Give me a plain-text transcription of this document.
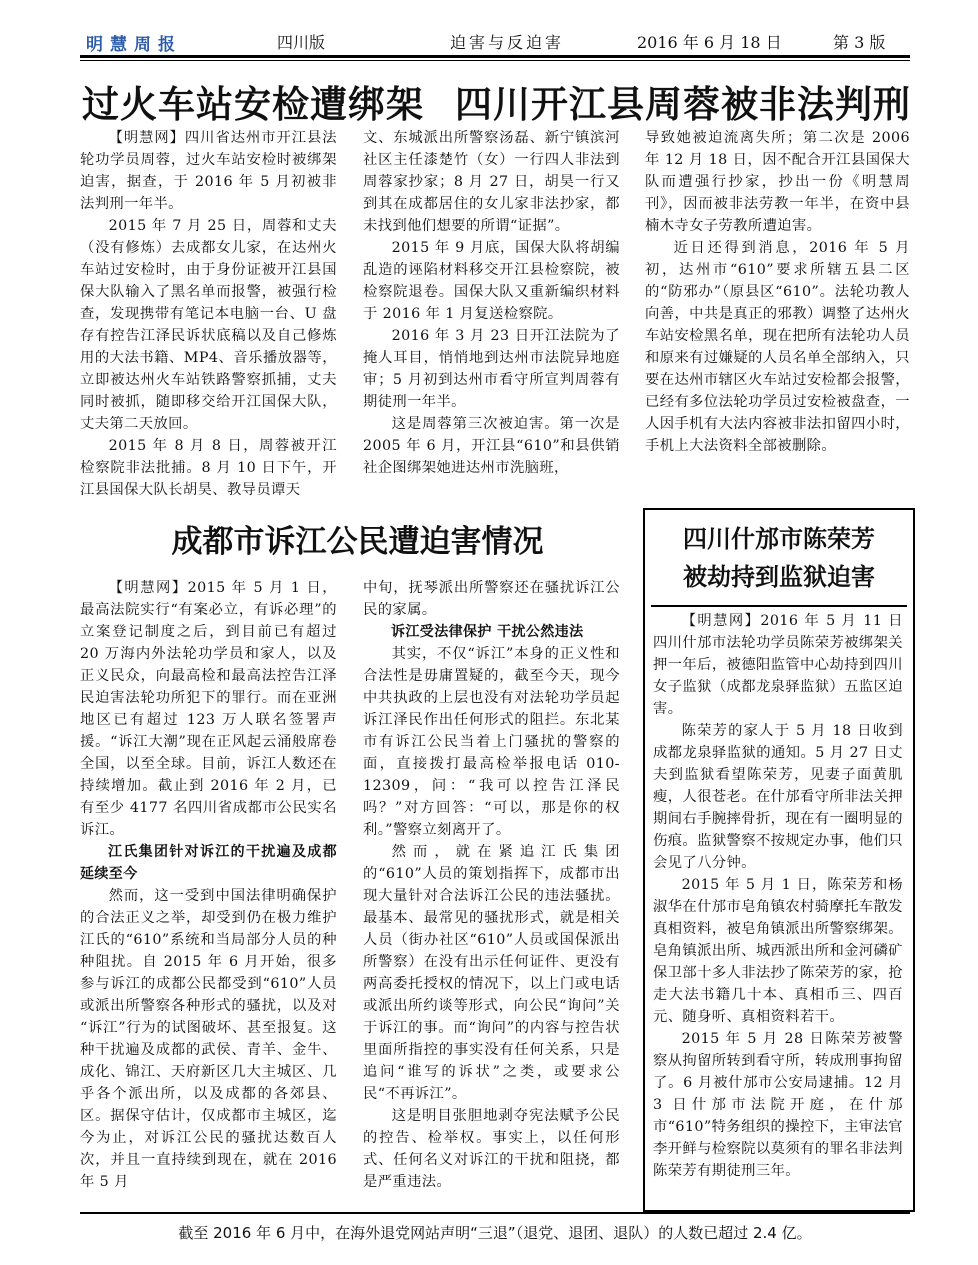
明慧周报	四川版	迫害与反迫害	2016 年 6 月 18 日	第 3 版
过火车站安检遭绑架 四川开江县周蓉被非法判刑

【明慧网】四川省达州市开江县法轮功学员周蓉，过火车站安检时被绑架迫害，据查，于 2016 年 5 月初被非法判刑一年半。

2015 年 7 月 25 日，周蓉和丈夫（没有修炼）去成都女儿家，在达州火车站过安检时，由于身份证被开江县国保大队输入了黑名单而报警，被强行检查，发现携带有笔记本电脑一台、U 盘存有控告江泽民诉状底稿以及自己修炼用的大法书籍、MP4、音乐播放器等，立即被达州火车站铁路警察抓捕，丈夫同时被抓，随即移交给开江国保大队，丈夫第二天放回。

2015 年 8 月 8 日，周蓉被开江检察院非法批捕。8 月 10 日下午，开江县国保大队长胡昊、教导员谭天

文、东城派出所警察汤磊、新宁镇滨河社区主任漆楚竹（女）一行四人非法到周蓉家抄家；8 月 27 日，胡昊一行又到其在成都居住的女儿家非法抄家，都未找到他们想要的所谓“证据”。

2015 年 9 月底，国保大队将胡编乱造的诬陷材料移交开江县检察院，被检察院退卷。国保大队又重新编织材料于 2016 年 1 月复送检察院。

2016 年 3 月 23 日开江法院为了掩人耳目，悄悄地到达州市法院异地庭审；5 月初到达州市看守所宣判周蓉有期徒刑一年半。

这是周蓉第三次被迫害。第一次是 2005 年 6 月，开江县“610”和县供销社企图绑架她进达州市洗脑班，

导致她被迫流离失所；第二次是 2006 年 12 月 18 日，因不配合开江县国保大队而遭强行抄家，抄出一份《明慧周刊》，因而被非法劳教一年半，在资中县楠木寺女子劳教所遭迫害。

近日还得到消息，2016 年 5 月初，达州市“610”要求所辖五县二区的“防邪办”（原县区“610”。法轮功教人向善，中共是真正的邪教）调整了达州火车站安检黑名单，现在把所有法轮功人员和原来有过嫌疑的人员名单全部纳入，只要在达州市辖区火车站过安检都会报警，已经有多位法轮功学员过安检被盘查，一人因手机有大法内容被非法扣留四小时，手机上大法资料全部被删除。

成都市诉江公民遭迫害情况

【明慧网】2015 年 5 月 1 日，最高法院实行“有案必立，有诉必理”的立案登记制度之后，到目前已有超过 20 万海内外法轮功学员和家人，以及正义民众，向最高检和最高法控告江泽民迫害法轮功所犯下的罪行。而在亚洲地区已有超过 123 万人联名签署声援。“诉江大潮”现在正风起云涌般席卷全国，以至全球。目前，诉江人数还在持续增加。截止到 2016 年 2 月，已有至少 4177 名四川省成都市公民实名诉江。

江氏集团针对诉江的干扰遍及成都 延续至今

然而，这一受到中国法律明确保护的合法正义之举，却受到仍在极力维护江氏的“610”系统和当局部分人员的种种阻扰。自 2015 年 6 月开始，很多参与诉江的成都公民都受到“610”人员或派出所警察各种形式的骚扰，以及对 “诉江”行为的试图破坏、甚至报复。这种干扰遍及成都的武侯、青羊、金牛、成化、锦江、天府新区几大主城区、几乎各个派出所，以及成都的各郊县、区。据保守估计，仅成都市主城区，迄今为止，对诉江公民的骚扰达数百人次，并且一直持续到现在，就在 2016 年 5 月

中旬，抚琴派出所警察还在骚扰诉江公民的家属。

诉江受法律保护 干扰公然违法

其实，不仅“诉江”本身的正义性和合法性是毋庸置疑的，截至今天，现今中共执政的上层也没有对法轮功学员起诉江泽民作出任何形式的阻拦。东北某市有诉江公民当着上门骚扰的警察的面，直接拨打最高检举报电话 010-12309，问：“我可以控告江泽民吗？”对方回答：“可以，那是你的权利。”警察立刻离开了。

然而，就在紧追江氏集团的“610”人员的策划指挥下，成都市出现大量针对合法诉江公民的违法骚扰。最基本、最常见的骚扰形式，就是相关人员（街办社区“610”人员或国保派出所警察）在没有出示任何证件、更没有两高委托授权的情况下，以上门或电话或派出所约谈等形式，向公民“询问”关于诉江的事。而“询问”的内容与控告状里面所指控的事实没有任何关系，只是追问“谁写的诉状”之类，或要求公民“不再诉江”。

这是明目张胆地剥夺宪法赋予公民的控告、检举权。事实上，以任何形式、任何名义对诉江的干扰和阻挠，都是严重违法。

四川什邡市陈荣芳
被劫持到监狱迫害

【明慧网】2016 年 5 月 11 日四川什邡市法轮功学员陈荣芳被绑架关押一年后，被德阳监管中心劫持到四川女子监狱（成都龙泉驿监狱）五监区迫害。

陈荣芳的家人于 5 月 18 日收到成都龙泉驿监狱的通知。5 月 27 日丈夫到监狱看望陈荣芳，见妻子面黄肌瘦，人很苍老。在什邡看守所非法关押期间右手腕摔骨折，现在有一圈明显的伤痕。监狱警察不按规定办事，他们只会见了八分钟。

2015 年 5 月 1 日，陈荣芳和杨淑华在什邡市皂角镇农村骑摩托车散发真相资料，被皂角镇派出所警察绑架。皂角镇派出所、城西派出所和金河磷矿保卫部十多人非法抄了陈荣芳的家，抢走大法书籍几十本、真相币三、四百元、随身听、真相资料若干。

2015 年 5 月 28 日陈荣芳被警察从拘留所转到看守所，转成刑事拘留了。6 月被什邡市公安局逮捕。12 月 3 日什邡市法院开庭，在什邡市“610”特务组织的操控下，主审法官李开鲜与检察院以莫须有的罪名非法判陈荣芳有期徒刑三年。

截至 2016 年 6 月中，在海外退党网站声明“三退”（退党、退团、退队）的人数已超过 2.4 亿。
